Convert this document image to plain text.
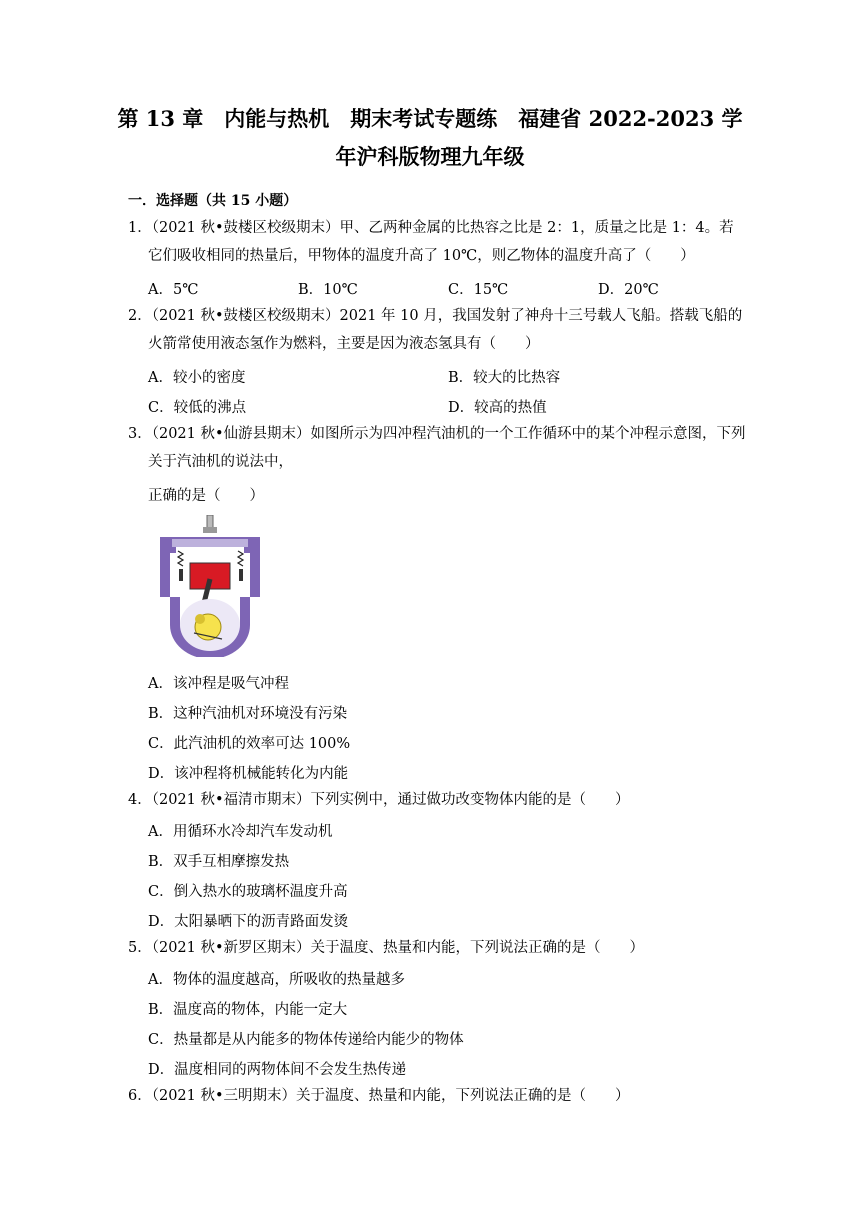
第 13 章　内能与热机　期末考试专题练　福建省 2022-2023 学
年沪科版物理九年级
一．选择题（共 15 小题）
1．（2021 秋•鼓楼区校级期末）甲、乙两种金属的比热容之比是 2：1，质量之比是 1：4。若它们吸收相同的热量后，甲物体的温度升高了 10℃，则乙物体的温度升高了（　　）
A．5℃	B．10℃	C．15℃	D．20℃
2．（2021 秋•鼓楼区校级期末）2021 年 10 月，我国发射了神舟十三号载人飞船。搭载飞船的火箭常使用液态氢作为燃料，主要是因为液态氢具有（　　）
A．较小的密度	B．较大的比热容
C．较低的沸点	D．较高的热值
3．（2021 秋•仙游县期末）如图所示为四冲程汽油机的一个工作循环中的某个冲程示意图，下列关于汽油机的说法中，
正确的是（　　）
A．该冲程是吸气冲程
B．这种汽油机对环境没有污染
C．此汽油机的效率可达 100%
D．该冲程将机械能转化为内能
4．（2021 秋•福清市期末）下列实例中，通过做功改变物体内能的是（　　）
A．用循环水冷却汽车发动机
B．双手互相摩擦发热
C．倒入热水的玻璃杯温度升高
D．太阳暴晒下的沥青路面发烫
5．（2021 秋•新罗区期末）关于温度、热量和内能，下列说法正确的是（　　）
A．物体的温度越高，所吸收的热量越多
B．温度高的物体，内能一定大
C．热量都是从内能多的物体传递给内能少的物体
D．温度相同的两物体间不会发生热传递
6．（2021 秋•三明期末）关于温度、热量和内能，下列说法正确的是（　　）
